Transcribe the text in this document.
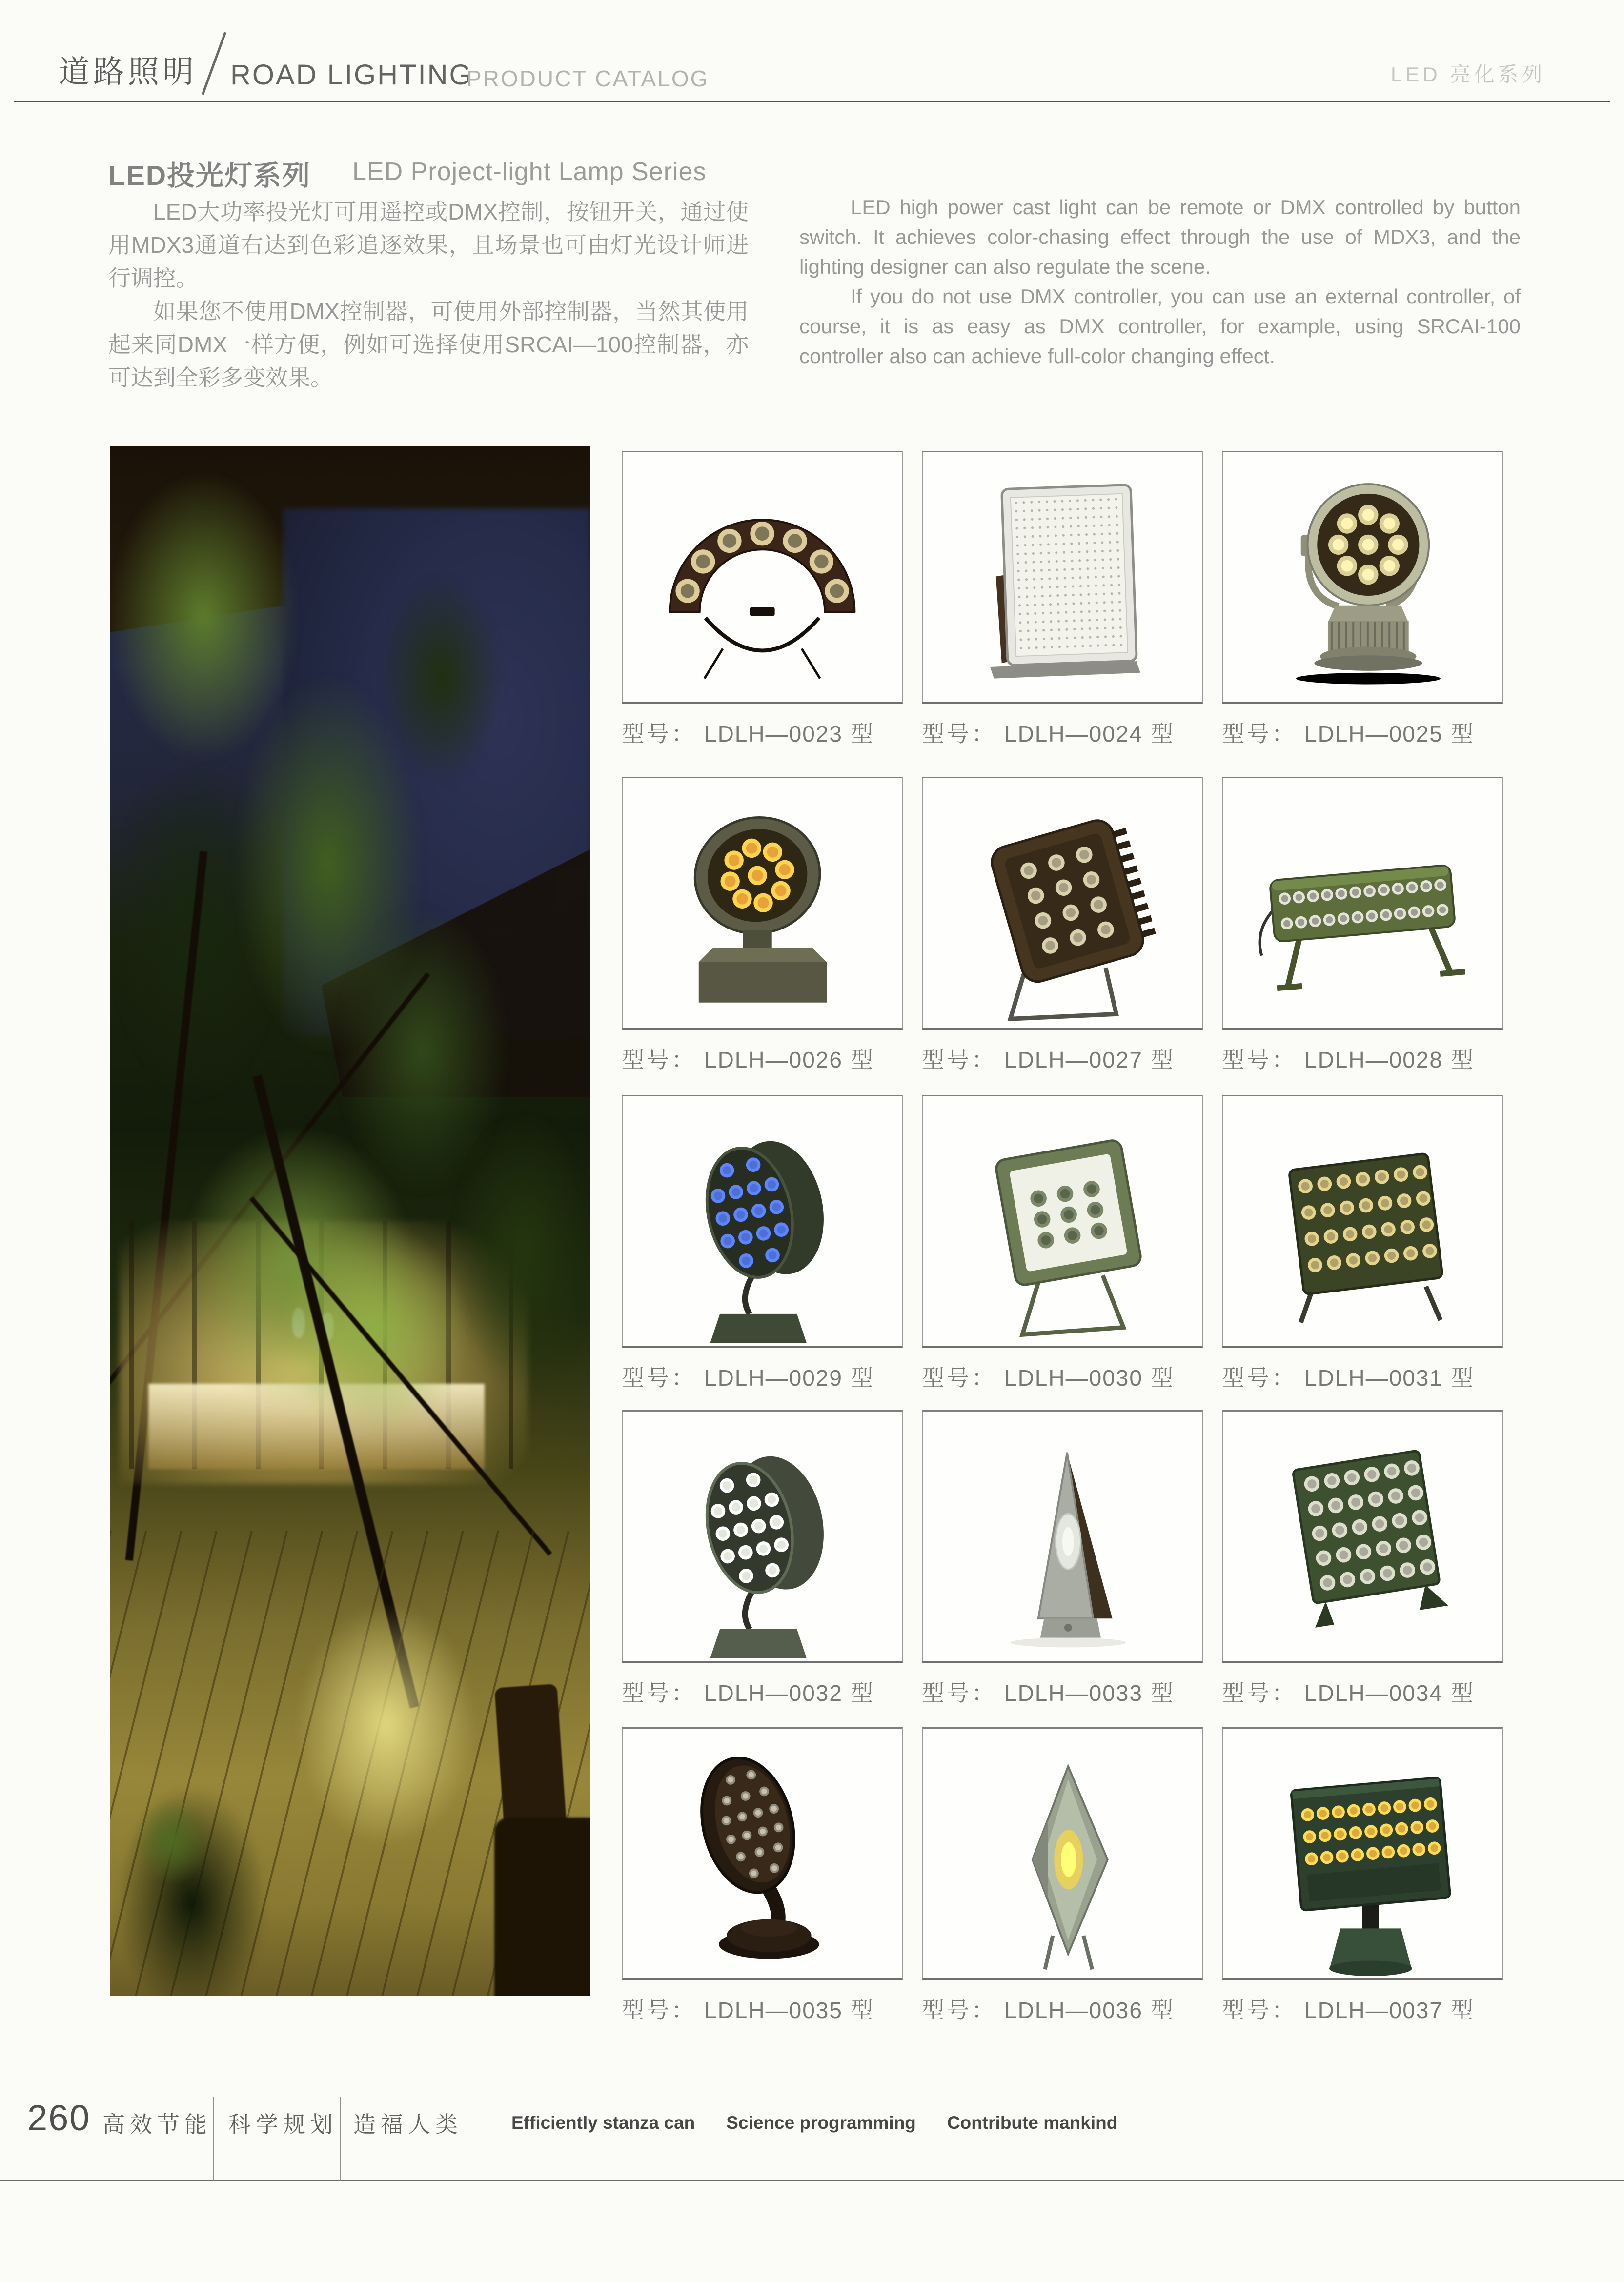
道路照明 ROAD LIGHTING
PRODUCT CATALOG	LED 亮化系列
LED投光灯系列 LED Project-light Lamp Series

LED大功率投光灯可用遥控或DMX控制，按钮开关，通过使用MDX3通道右达到色彩追逐效果，且场景也可由灯光设计师进行调控。

如果您不使用DMX控制器，可使用外部控制器，当然其使用起来同DMX一样方便，例如可选择使用SRCAI—100控制器，亦可达到全彩多变效果。

LED high power cast light can be remote or DMX controlled by button switch. It achieves color-chasing effect through the use of MDX3, and the lighting designer can also regulate the scene.

If you do not use DMX controller, you can use an external controller, of course, it is as easy as DMX controller, for example, using SRCAI-100 controller also can achieve full-color changing effect.

型号： LDLH—0023 型 型号： LDLH—0024 型 型号： LDLH—0025 型
型号： LDLH—0026 型 型号： LDLH—0027 型 型号： LDLH—0028 型
型号： LDLH—0029 型 型号： LDLH—0030 型 型号： LDLH—0031 型
型号： LDLH—0032 型 型号： LDLH—0033 型 型号： LDLH—0034 型
型号： LDLH—0035 型 型号： LDLH—0036 型 型号： LDLH—0037 型
260 高效节能 科学规划 造福人类	Efficiently stanza can Science programming Contribute mankind
